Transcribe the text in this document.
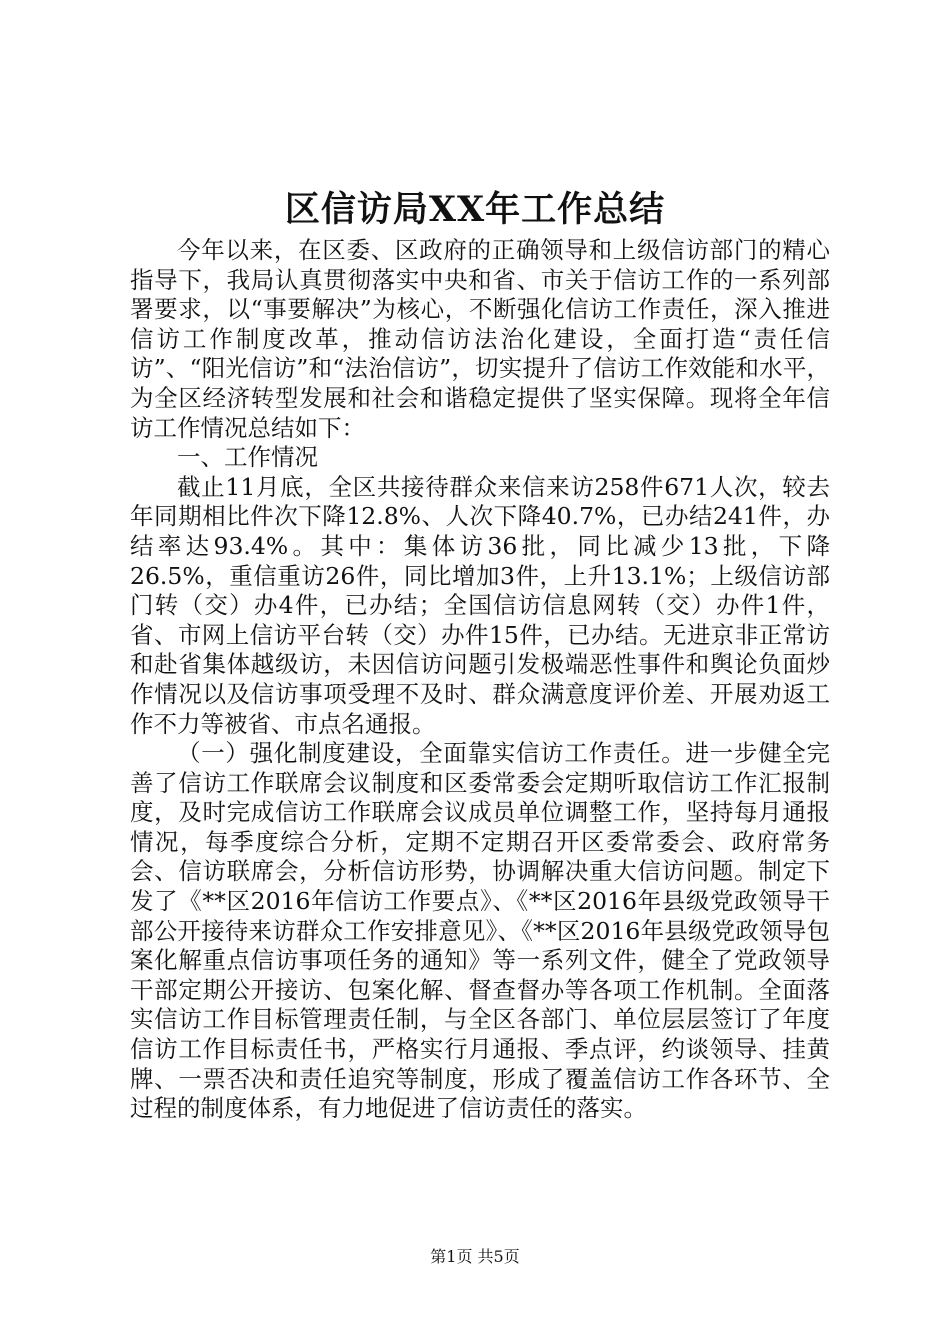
区信访局XX年工作总结

今年以来，在区委、区政府的正确领导和上级信访部门的精心指导下，我局认真贯彻落实中央和省、市关于信访工作的一系列部署要求，以“事要解决”为核心，不断强化信访工作责任，深入推进信访工作制度改革，推动信访法治化建设，全面打造“责任信访”、“阳光信访”和“法治信访”，切实提升了信访工作效能和水平，为全区经济转型发展和社会和谐稳定提供了坚实保障。现将全年信访工作情况总结如下：

一、工作情况

截止11月底，全区共接待群众来信来访258件671人次，较去年同期相比件次下降12.8%、人次下降40.7%，已办结241件，办结率达93.4%。其中：集体访36批，同比减少13批，下降26.5%，重信重访26件，同比增加3件，上升13.1%；上级信访部门转（交）办4件，已办结；全国信访信息网转（交）办件1件，省、市网上信访平台转（交）办件15件，已办结。无进京非正常访和赴省集体越级访，未因信访问题引发极端恶性事件和舆论负面炒作情况以及信访事项受理不及时、群众满意度评价差、开展劝返工作不力等被省、市点名通报。

（一）强化制度建设，全面靠实信访工作责任。进一步健全完善了信访工作联席会议制度和区委常委会定期听取信访工作汇报制度，及时完成信访工作联席会议成员单位调整工作，坚持每月通报情况，每季度综合分析，定期不定期召开区委常委会、政府常务会、信访联席会，分析信访形势，协调解决重大信访问题。制定下发了《**区2016年信访工作要点》、《**区2016年县级党政领导干部公开接待来访群众工作安排意见》、《**区2016年县级党政领导包案化解重点信访事项任务的通知》等一系列文件，健全了党政领导干部定期公开接访、包案化解、督查督办等各项工作机制。全面落实信访工作目标管理责任制，与全区各部门、单位层层签订了年度信访工作目标责任书，严格实行月通报、季点评，约谈领导、挂黄牌、一票否决和责任追究等制度，形成了覆盖信访工作各环节、全过程的制度体系，有力地促进了信访责任的落实。

第1页 共5页
